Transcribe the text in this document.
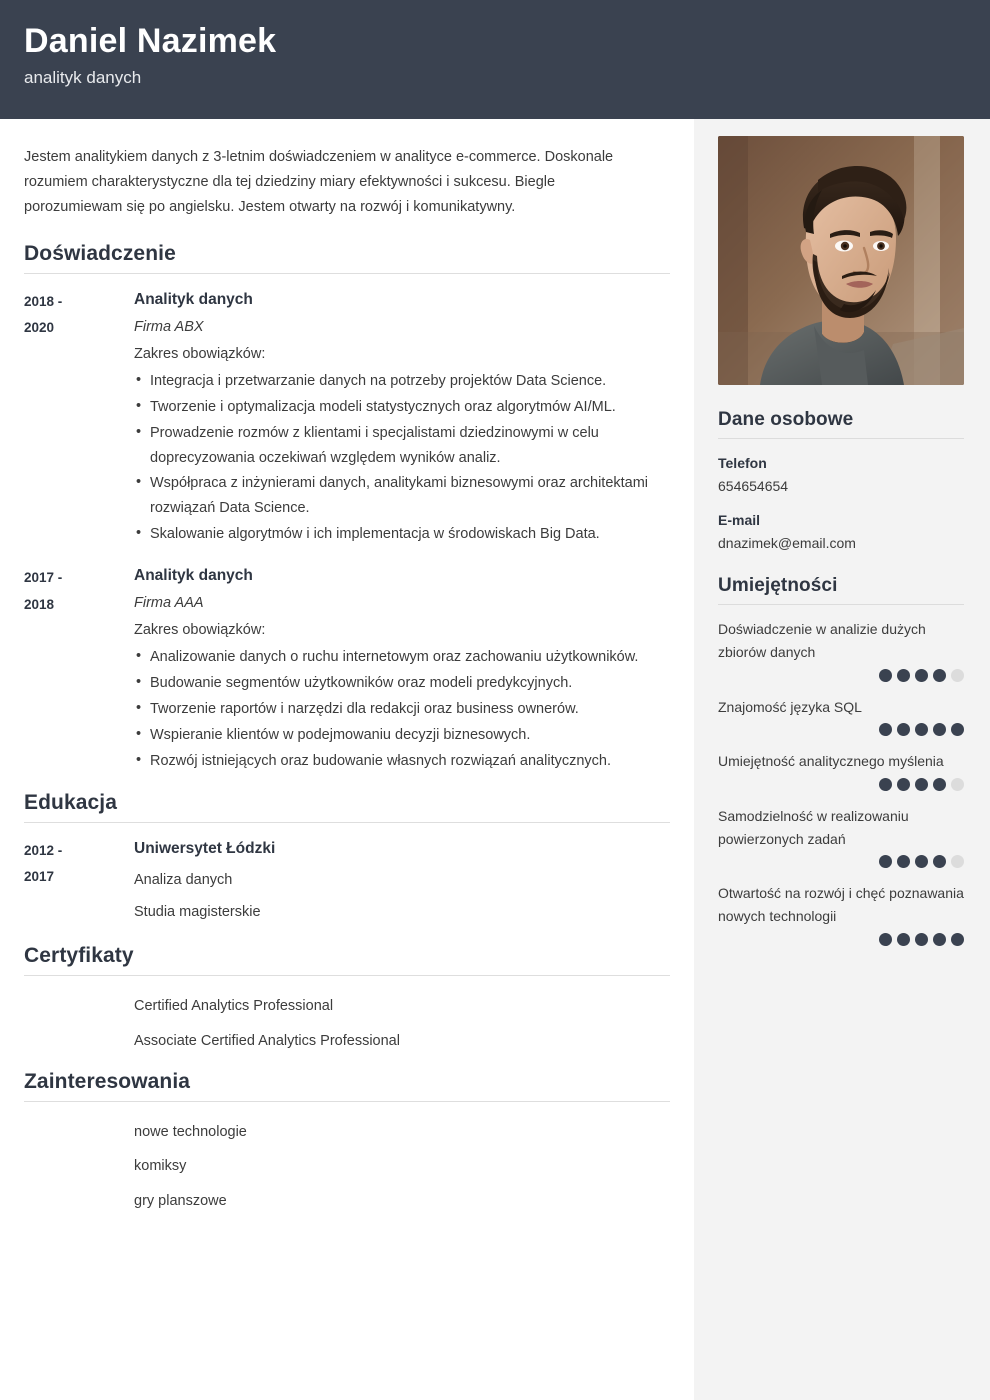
Daniel Nazimek
analityk danych
Jestem analitykiem danych z 3-letnim doświadczeniem w analityce e-commerce. Doskonale rozumiem charakterystyczne dla tej dziedziny miary efektywności i sukcesu. Biegle porozumiewam się po angielsku. Jestem otwarty na rozwój i komunikatywny.
Doświadczenie
2018 -
2020
Analityk danych
Firma ABX
Zakres obowiązków:
• Integracja i przetwarzanie danych na potrzeby projektów Data Science.
• Tworzenie i optymalizacja modeli statystycznych oraz algorytmów AI/ML.
• Prowadzenie rozmów z klientami i specjalistami dziedzinowymi w celu doprecyzowania oczekiwań względem wyników analiz.
• Współpraca z inżynierami danych, analitykami biznesowymi oraz architektami rozwiązań Data Science.
• Skalowanie algorytmów i ich implementacja w środowiskach Big Data.
2017 -
2018
Analityk danych
Firma AAA
Zakres obowiązków:
• Analizowanie danych o ruchu internetowym oraz zachowaniu użytkowników.
• Budowanie segmentów użytkowników oraz modeli predykcyjnych.
• Tworzenie raportów i narzędzi dla redakcji oraz business ownerów.
• Wspieranie klientów w podejmowaniu decyzji biznesowych.
• Rozwój istniejących oraz budowanie własnych rozwiązań analitycznych.
Edukacja
2012 -
2017
Uniwersytet Łódzki
Analiza danych
Studia magisterskie
Certyfikaty
Certified Analytics Professional
Associate Certified Analytics Professional
Zainteresowania
nowe technologie
komiksy
gry planszowe
Dane osobowe
Telefon
654654654
E-mail
dnazimek@email.com
Umiejętności
Doświadczenie w analizie dużych zbiorów danych
Znajomość języka SQL
Umiejętność analitycznego myślenia
Samodzielność w realizowaniu powierzonych zadań
Otwartość na rozwój i chęć poznawania nowych technologii
